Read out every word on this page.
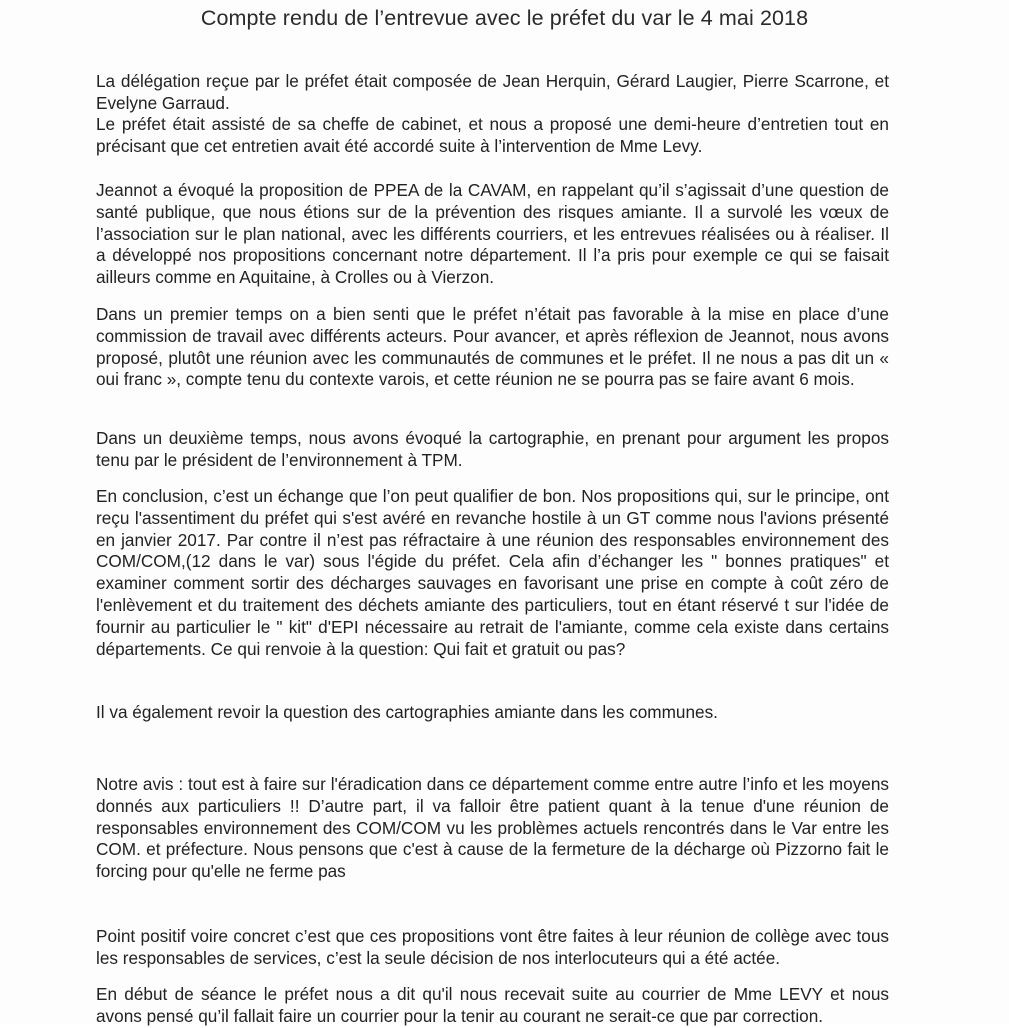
Compte rendu de l’entrevue avec le préfet du var le 4 mai 2018

La délégation reçue par le préfet était composée de Jean Herquin, Gérard Laugier, Pierre Scarrone, et Evelyne Garraud.

Le préfet était assisté de sa cheffe de cabinet, et nous a proposé une demi-heure d’entretien tout en précisant que cet entretien avait été accordé suite à l’intervention de Mme Levy.

Jeannot a évoqué la proposition de PPEA de la CAVAM, en rappelant qu’il s’agissait d’une question de santé publique, que nous étions sur de la prévention des risques amiante. Il a survolé les vœux de l’association sur le plan national, avec les différents courriers, et les entrevues réalisées ou à réaliser. Il a développé nos propositions concernant notre département. Il l’a pris pour exemple ce qui se faisait ailleurs comme en Aquitaine, à Crolles ou à Vierzon.

Dans un premier temps on a bien senti que le préfet n’était pas favorable à la mise en place d’une commission de travail avec différents acteurs. Pour avancer, et après réflexion de Jeannot, nous avons proposé, plutôt une réunion avec les communautés de communes et le préfet. Il ne nous a pas dit un « oui franc », compte tenu du contexte varois, et cette réunion ne se pourra pas se faire avant 6 mois.

Dans un deuxième temps, nous avons évoqué la cartographie, en prenant pour argument les propos tenu par le président de l’environnement à TPM.

En conclusion, c’est un échange que l’on peut qualifier de bon. Nos propositions qui, sur le principe, ont reçu l'assentiment du préfet qui s'est avéré en revanche hostile à un GT comme nous l'avions présenté en janvier 2017. Par contre il n’est pas réfractaire à une réunion des responsables environnement des COM/COM,(12 dans le var) sous l'égide du préfet. Cela afin d’échanger les " bonnes pratiques" et examiner comment sortir des décharges sauvages en favorisant une prise en compte à coût zéro de l'enlèvement et du traitement des déchets amiante des particuliers, tout en étant réservé t sur l'idée de fournir au particulier le " kit" d'EPI nécessaire au retrait de l'amiante, comme cela existe dans certains départements. Ce qui renvoie à la question: Qui fait et gratuit ou pas?

Il va également revoir la question des cartographies amiante dans les communes.

Notre avis : tout est à faire sur l'éradication dans ce département comme entre autre l’info et les moyens donnés aux particuliers !! D’autre part, il va falloir être patient quant à la tenue d'une réunion de responsables environnement des COM/COM vu les problèmes actuels rencontrés dans le Var entre les COM. et préfecture. Nous pensons que c'est à cause de la fermeture de la décharge où Pizzorno fait le forcing pour qu'elle ne ferme pas

Point positif voire concret c’est que ces propositions vont être faites à leur réunion de collège avec tous les responsables de services, c’est la seule décision de nos interlocuteurs qui a été actée.

En début de séance le préfet nous a dit qu'il nous recevait suite au courrier de Mme LEVY et nous avons pensé qu’il fallait faire un courrier pour la tenir au courant ne serait-ce que par correction.
